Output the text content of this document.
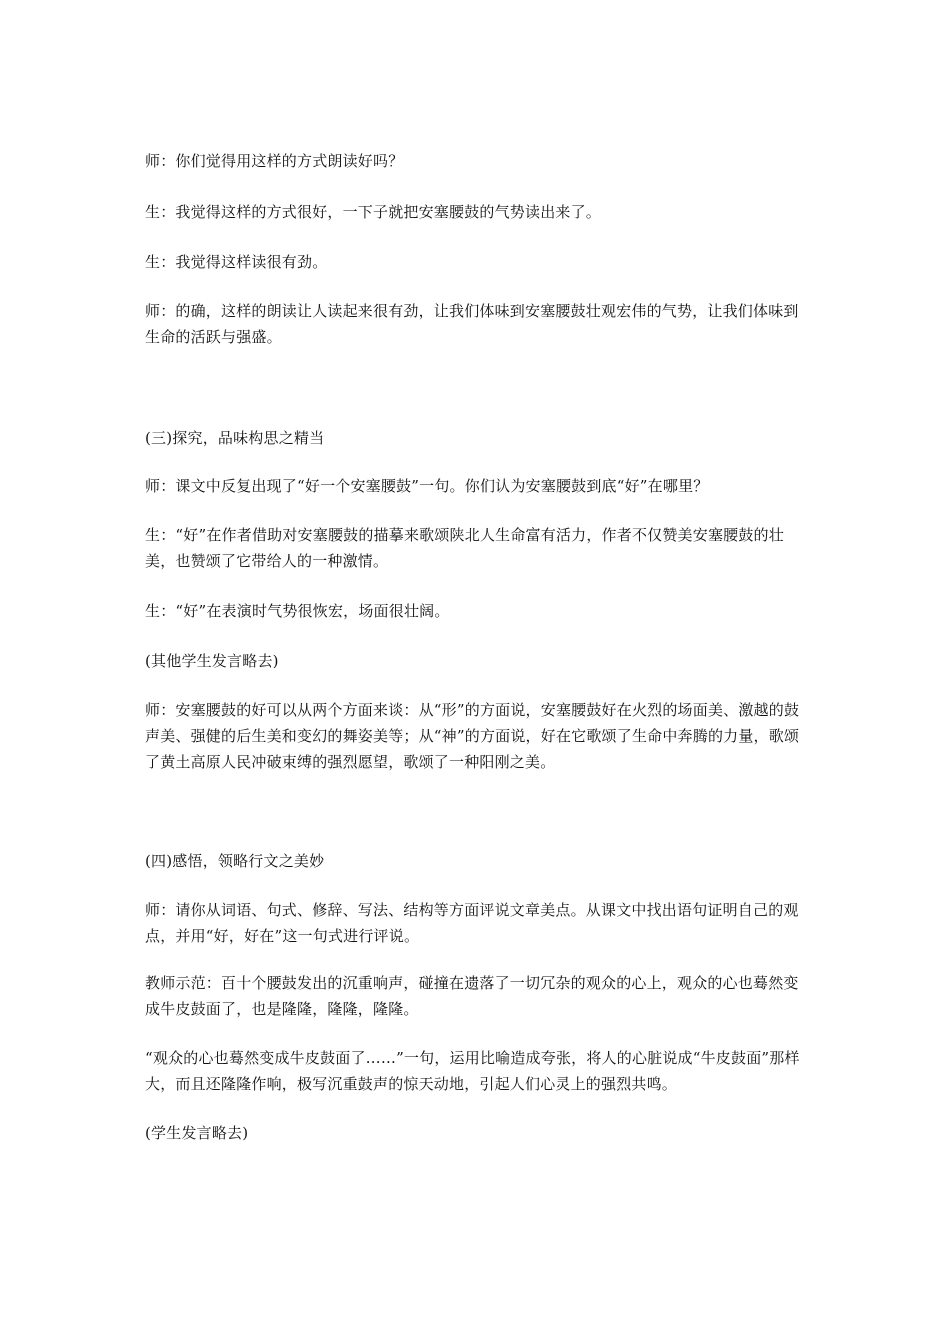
师：你们觉得用这样的方式朗读好吗？

生：我觉得这样的方式很好，一下子就把安塞腰鼓的气势读出来了。

生：我觉得这样读很有劲。

师：的确，这样的朗读让人读起来很有劲，让我们体味到安塞腰鼓壮观宏伟的气势，让我们体味到生命的活跃与强盛。

(三)探究，品味构思之精当

师：课文中反复出现了“好一个安塞腰鼓”一句。你们认为安塞腰鼓到底“好”在哪里？

生：“好”在作者借助对安塞腰鼓的描摹来歌颂陕北人生命富有活力，作者不仅赞美安塞腰鼓的壮美，也赞颂了它带给人的一种激情。

生：“好”在表演时气势很恢宏，场面很壮阔。

(其他学生发言略去)

师：安塞腰鼓的好可以从两个方面来谈：从“形”的方面说，安塞腰鼓好在火烈的场面美、激越的鼓声美、强健的后生美和变幻的舞姿美等；从“神”的方面说，好在它歌颂了生命中奔腾的力量，歌颂了黄土高原人民冲破束缚的强烈愿望，歌颂了一种阳刚之美。

(四)感悟，领略行文之美妙

师：请你从词语、句式、修辞、写法、结构等方面评说文章美点。从课文中找出语句证明自己的观点，并用“好，好在”这一句式进行评说。

教师示范：百十个腰鼓发出的沉重响声，碰撞在遗落了一切冗杂的观众的心上，观众的心也蓦然变成牛皮鼓面了，也是隆隆，隆隆，隆隆。

“观众的心也蓦然变成牛皮鼓面了……”一句，运用比喻造成夸张，将人的心脏说成“牛皮鼓面”那样大，而且还隆隆作响，极写沉重鼓声的惊天动地，引起人们心灵上的强烈共鸣。

(学生发言略去)
